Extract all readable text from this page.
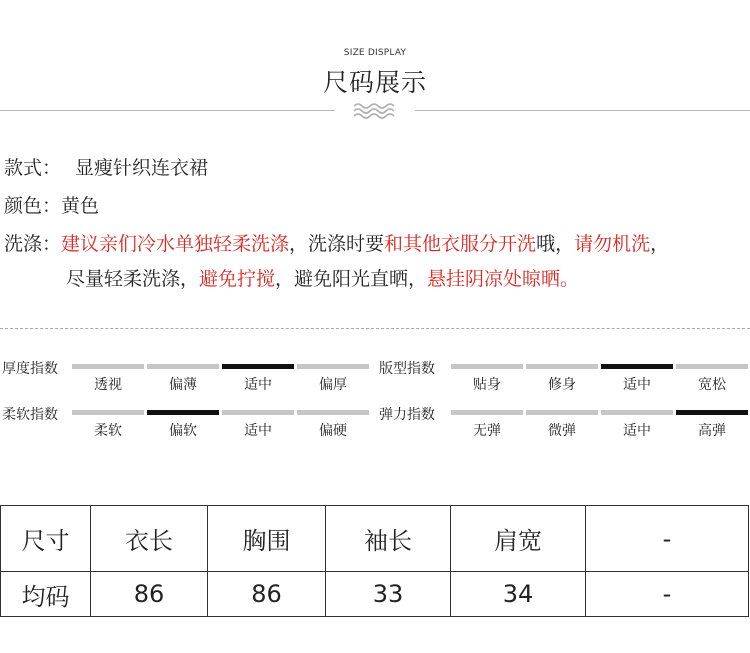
SIZE DISPLAY
尺码展示
款式： 显瘦针织连衣裙
颜色：黄色
洗涤：建议亲们冷水单独轻柔洗涤，洗涤时要和其他衣服分开洗哦，请勿机洗，
尽量轻柔洗涤，避免拧搅，避免阳光直晒，悬挂阴凉处晾晒。
厚度指数
透视	偏薄	适中	偏厚
版型指数
贴身	修身	适中	宽松
柔软指数
柔软	偏软	适中	偏硬
弹力指数
无弹	微弹	适中	高弹
尺寸	衣长	胸围	袖长	肩宽	-
均码	86	86	33	34	-
